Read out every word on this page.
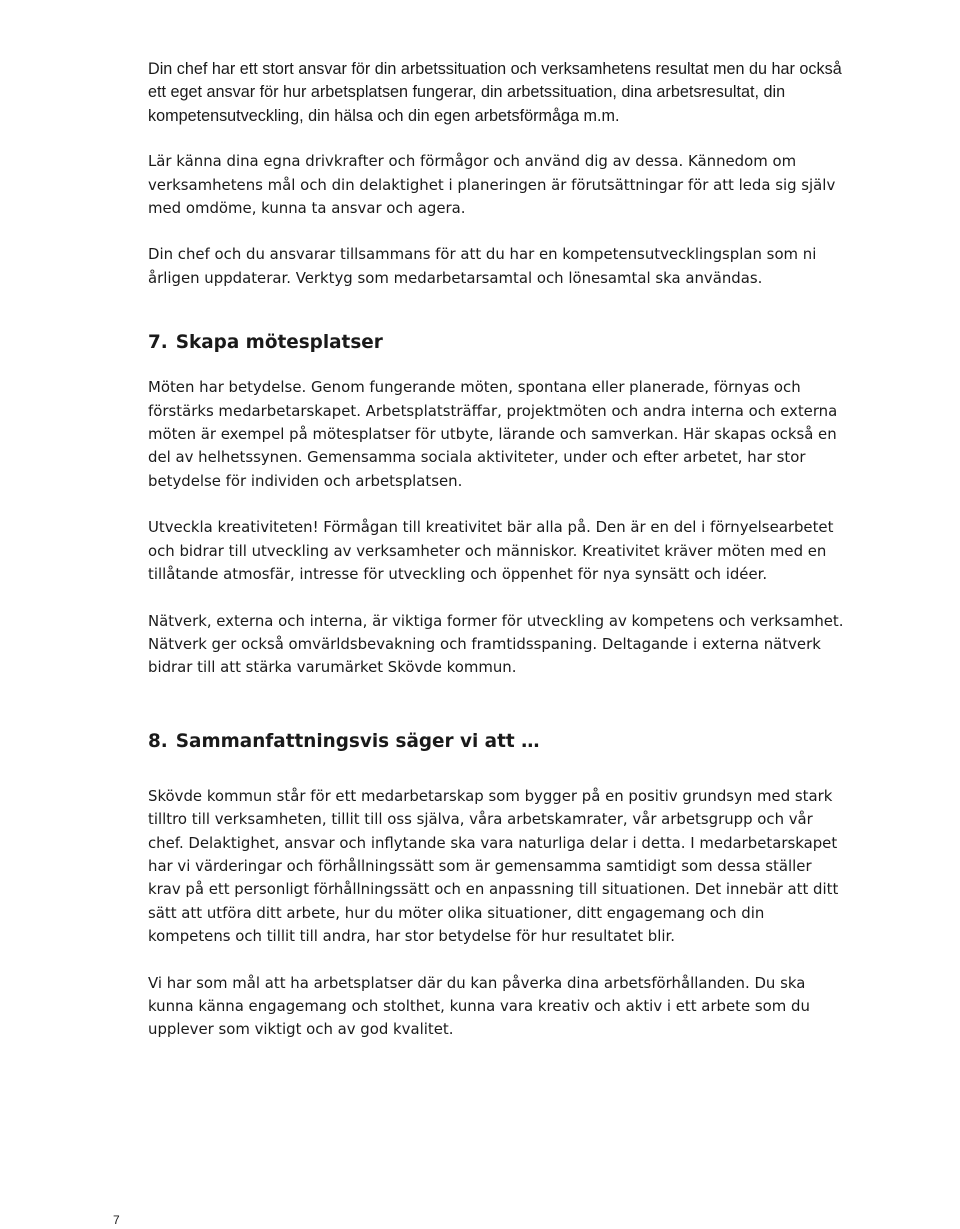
Din chef har ett stort ansvar för din arbetssituation och verksamhetens resultat men du har också ett eget ansvar för hur arbetsplatsen fungerar, din arbetssituation, dina arbetsresultat, din kompetensutveckling, din hälsa och din egen arbetsförmåga m.m.

Lär känna dina egna drivkrafter och förmågor och använd dig av dessa. Kännedom om verksamhetens mål och din delaktighet i planeringen är förutsättningar för att leda sig själv med omdöme, kunna ta ansvar och agera.

Din chef och du ansvarar tillsammans för att du har en kompetensutvecklingsplan som ni årligen uppdaterar. Verktyg som medarbetarsamtal och lönesamtal ska användas.

7. Skapa mötesplatser

Möten har betydelse. Genom fungerande möten, spontana eller planerade, förnyas och förstärks medarbetarskapet. Arbetsplatsträffar, projektmöten och andra interna och externa möten är exempel på mötesplatser för utbyte, lärande och samverkan. Här skapas också en del av helhetssynen. Gemensamma sociala aktiviteter, under och efter arbetet, har stor betydelse för individen och arbetsplatsen.

Utveckla kreativiteten! Förmågan till kreativitet bär alla på. Den är en del i förnyelsearbetet och bidrar till utveckling av verksamheter och människor. Kreativitet kräver möten med en tillåtande atmosfär, intresse för utveckling och öppenhet för nya synsätt och idéer.

Nätverk, externa och interna, är viktiga former för utveckling av kompetens och verksamhet. Nätverk ger också omvärldsbevakning och framtidsspaning. Deltagande i externa nätverk bidrar till att stärka varumärket Skövde kommun.

8. Sammanfattningsvis säger vi att …

Skövde kommun står för ett medarbetarskap som bygger på en positiv grundsyn med stark tilltro till verksamheten, tillit till oss själva, våra arbetskamrater, vår arbetsgrupp och vår chef. Delaktighet, ansvar och inflytande ska vara naturliga delar i detta. I medarbetarskapet har vi värderingar och förhållningssätt som är gemensamma samtidigt som dessa ställer krav på ett personligt förhållningssätt och en anpassning till situationen. Det innebär att ditt sätt att utföra ditt arbete, hur du möter olika situationer, ditt engagemang och din kompetens och tillit till andra, har stor betydelse för hur resultatet blir.

Vi har som mål att ha arbetsplatser där du kan påverka dina arbetsförhållanden. Du ska kunna känna engagemang och stolthet, kunna vara kreativ och aktiv i ett arbete som du upplever som viktigt och av god kvalitet.

7
